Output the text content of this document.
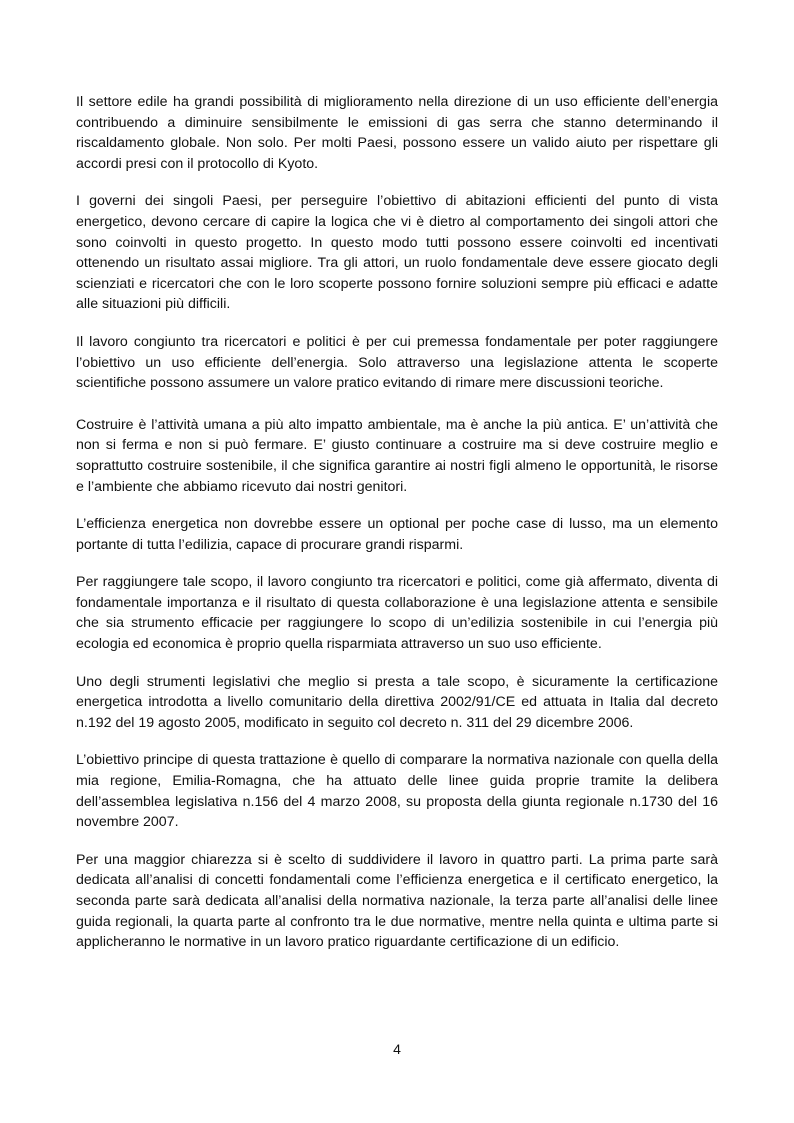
Il settore edile ha grandi possibilità di miglioramento nella direzione di un uso efficiente dell’energia contribuendo a diminuire sensibilmente le emissioni di gas serra che stanno determinando il riscaldamento globale. Non solo. Per molti Paesi, possono essere un valido aiuto per rispettare gli accordi presi con il protocollo di Kyoto.

I governi dei singoli Paesi, per perseguire l’obiettivo di abitazioni efficienti del punto di vista energetico, devono cercare di capire la logica che vi è dietro al comportamento dei singoli attori che sono coinvolti in questo progetto. In questo modo tutti possono essere coinvolti ed incentivati ottenendo un risultato assai migliore. Tra gli attori, un ruolo fondamentale deve essere giocato degli scienziati e ricercatori che con le loro scoperte possono fornire soluzioni sempre più efficaci e adatte alle situazioni più difficili.

Il lavoro congiunto tra ricercatori e politici è per cui premessa fondamentale per poter raggiungere l’obiettivo un uso efficiente dell’energia. Solo attraverso una legislazione attenta le scoperte scientifiche possono assumere un valore pratico evitando di rimare mere discussioni teoriche.

Costruire è l’attività umana a più alto impatto ambientale, ma è anche la più antica. E’ un’attività che non si ferma e non si può fermare. E’ giusto continuare a costruire ma si deve costruire meglio e soprattutto costruire sostenibile, il che significa garantire ai nostri figli almeno le opportunità, le risorse e l’ambiente che abbiamo ricevuto dai nostri genitori.

L’efficienza energetica non dovrebbe essere un optional per poche case di lusso, ma un elemento portante di tutta l’edilizia, capace di procurare grandi risparmi.

Per raggiungere tale scopo, il lavoro congiunto tra ricercatori e politici, come già affermato, diventa di fondamentale importanza e il risultato di questa collaborazione è una legislazione attenta e sensibile che sia strumento efficacie per raggiungere lo scopo di un’edilizia sostenibile in cui l’energia più ecologia ed economica è proprio quella risparmiata attraverso un suo uso efficiente.

Uno degli strumenti legislativi che meglio si presta a tale scopo, è sicuramente la certificazione energetica introdotta a livello comunitario della direttiva 2002/91/CE ed attuata in Italia dal decreto n.192 del 19 agosto 2005, modificato in seguito col decreto n. 311 del 29 dicembre 2006.

L’obiettivo principe di questa trattazione è quello di comparare la normativa nazionale con quella della mia regione, Emilia-Romagna, che ha attuato delle linee guida proprie tramite la delibera dell’assemblea legislativa n.156 del 4 marzo 2008, su proposta della giunta regionale n.1730 del 16 novembre 2007.

Per una maggior chiarezza si è scelto di suddividere il lavoro in quattro parti. La prima parte sarà dedicata all’analisi di concetti fondamentali come l’efficienza energetica e il certificato energetico, la seconda parte sarà dedicata all’analisi della normativa nazionale, la terza parte all’analisi delle linee guida regionali, la quarta parte al confronto tra le due normative, mentre nella quinta e ultima parte si applicheranno le normative in un lavoro pratico riguardante certificazione di un edificio.

4
